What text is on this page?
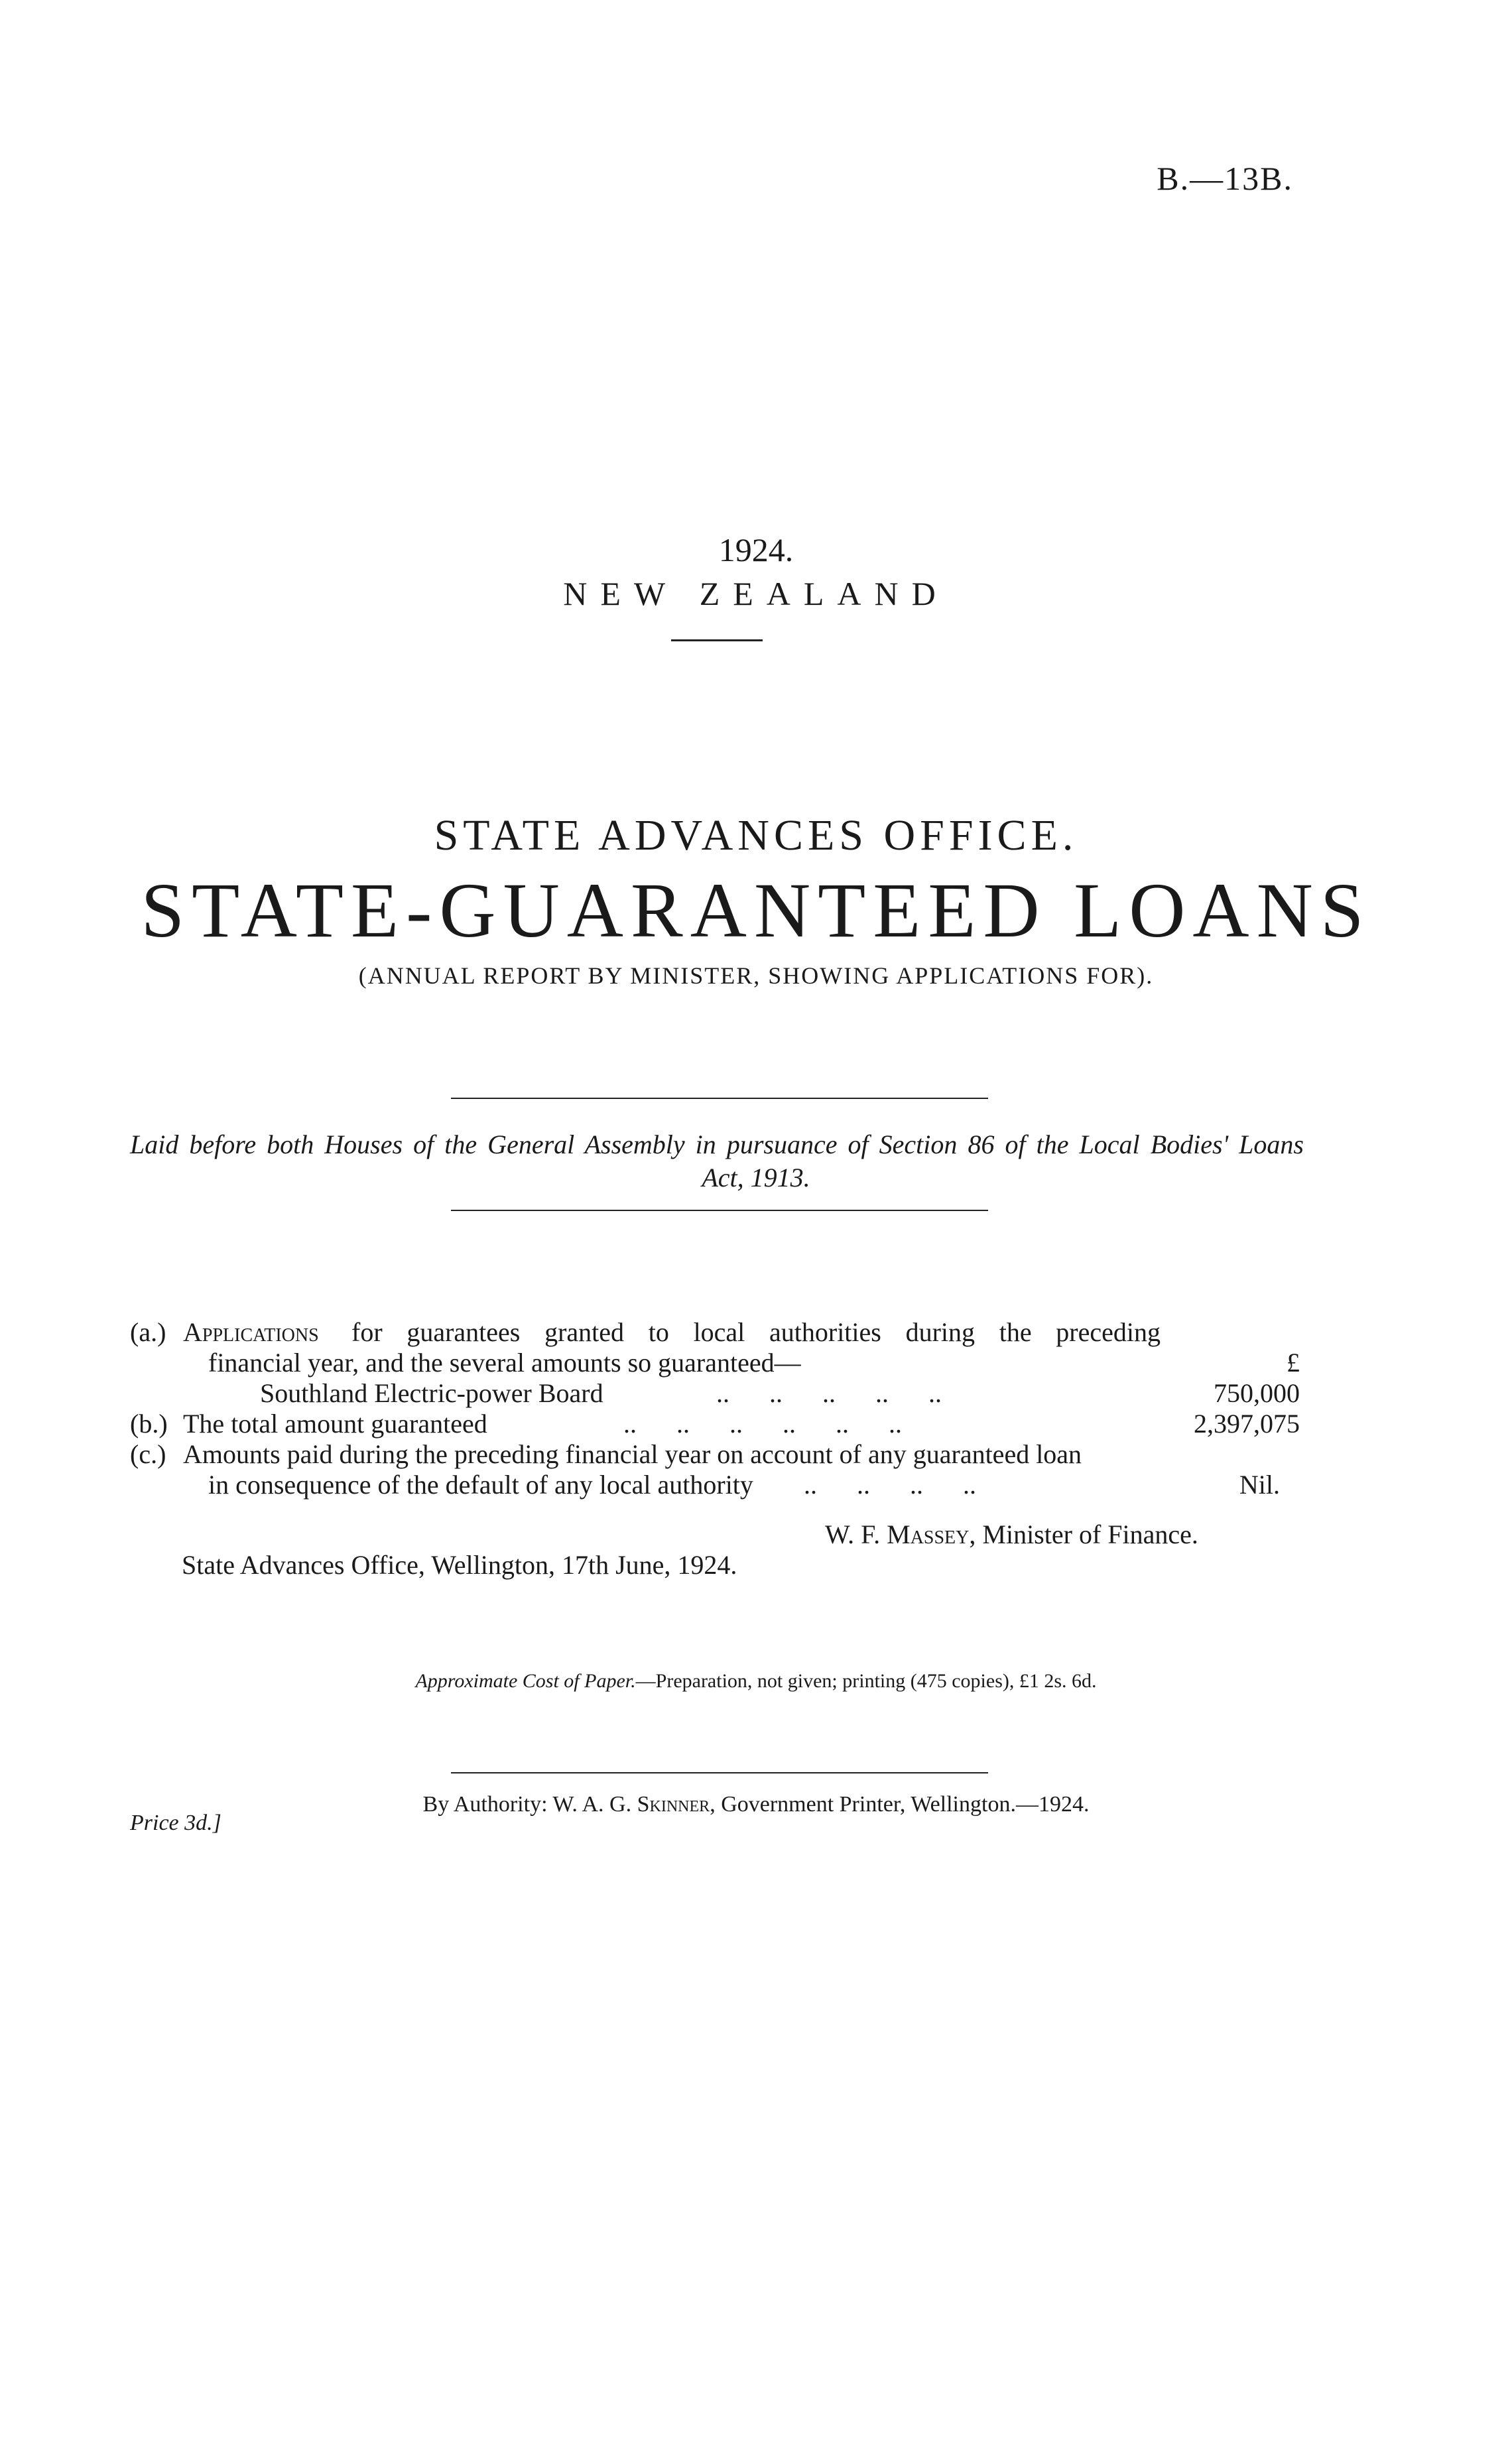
B.—13B.
1924.
NEW ZEALAND
STATE ADVANCES OFFICE.
STATE-GUARANTEED LOANS
(ANNUAL REPORT BY MINISTER, SHOWING APPLICATIONS FOR).
Laid before both Houses of the General Assembly in pursuance of Section 86 of the Local Bodies' Loans
Act, 1913.
(a.) Applications for guarantees granted to local authorities during the preceding
financial year, and the several amounts so guaranteed—	£
Southland Electric-power Board	..      ..      ..      ..      ..	750,000
(b.) The total amount guaranteed	..      ..      ..      ..      ..      ..	2,397,075
(c.) Amounts paid during the preceding financial year on account of any guaranteed loan
in consequence of the default of any local authority ..      ..      ..      ..	Nil.
W. F. Massey, Minister of Finance.
State Advances Office, Wellington, 17th June, 1924.
Approximate Cost of Paper.—Preparation, not given; printing (475 copies), £1 2s. 6d.
By Authority: W. A. G. Skinner, Government Printer, Wellington.—1924.
Price 3d.]
